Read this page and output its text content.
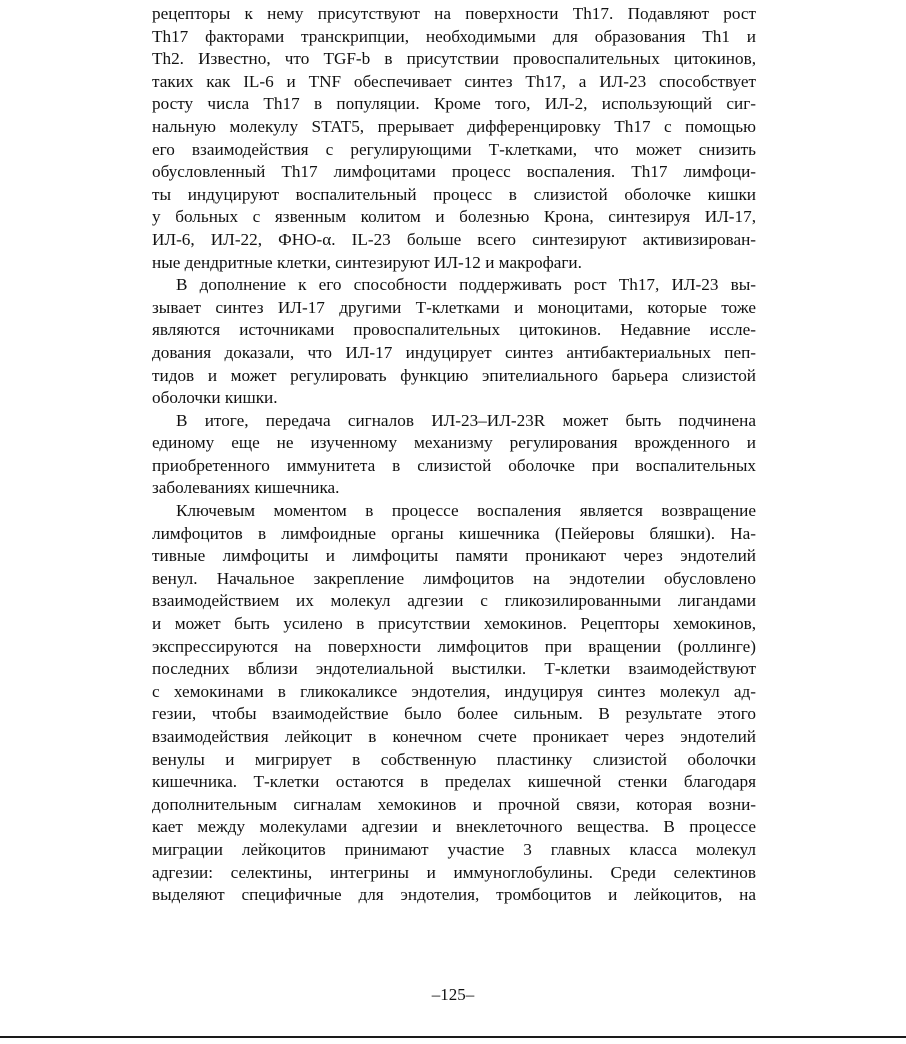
рецепторы к нему присутствуют на поверхности Th17. Подавляют рост
Th17 факторами транскрипции, необходимыми для образования Th1 и
Th2. Известно, что TGF-b в присутствии провоспалительных цитокинов,
таких как IL-6 и TNF обеспечивает синтез Th17, а ИЛ-23 способствует
росту числа Th17 в популяции. Кроме того, ИЛ-2, использующий сиг-
нальную молекулу STAT5, прерывает дифференцировку Th17 с помощью
его взаимодействия с регулирующими Т-клетками, что может снизить
обусловленный Th17 лимфоцитами процесс воспаления. Th17 лимфоци-
ты индуцируют воспалительный процесс в слизистой оболочке кишки
у больных с язвенным колитом и болезнью Крона, синтезируя ИЛ-17,
ИЛ-6, ИЛ-22, ФНО-α. IL-23 больше всего синтезируют активизирован-
ные дендритные клетки, синтезируют ИЛ-12 и макрофаги.
В дополнение к его способности поддерживать рост Th17, ИЛ-23 вы-
зывает синтез ИЛ-17 другими Т-клетками и моноцитами, которые тоже
являются источниками провоспалительных цитокинов. Недавние иссле-
дования доказали, что ИЛ-17 индуцирует синтез антибактериальных пеп-
тидов и может регулировать функцию эпителиального барьера слизистой
оболочки кишки.
В итоге, передача сигналов ИЛ-23–ИЛ-23R может быть подчинена
единому еще не изученному механизму регулирования врожденного и
приобретенного иммунитета в слизистой оболочке при воспалительных
заболеваниях кишечника.
Ключевым моментом в процессе воспаления является возвращение
лимфоцитов в лимфоидные органы кишечника (Пейеровы бляшки). На-
тивные лимфоциты и лимфоциты памяти проникают через эндотелий
венул. Начальное закрепление лимфоцитов на эндотелии обусловлено
взаимодействием их молекул адгезии с гликозилированными лигандами
и может быть усилено в присутствии хемокинов. Рецепторы хемокинов,
экспрессируются на поверхности лимфоцитов при вращении (роллинге)
последних вблизи эндотелиальной выстилки. Т-клетки взаимодействуют
с хемокинами в гликокаликсе эндотелия, индуцируя синтез молекул ад-
гезии, чтобы взаимодействие было более сильным. В результате этого
взаимодействия лейкоцит в конечном счете проникает через эндотелий
венулы и мигрирует в собственную пластинку слизистой оболочки
кишечника. Т-клетки остаются в пределах кишечной стенки благодаря
дополнительным сигналам хемокинов и прочной связи, которая возни-
кает между молекулами адгезии и внеклеточного вещества. В процессе
миграции лейкоцитов принимают участие 3 главных класса молекул
адгезии: селектины, интегрины и иммуноглобулины. Среди селектинов
выделяют специфичные для эндотелия, тромбоцитов и лейкоцитов, на
–125–
